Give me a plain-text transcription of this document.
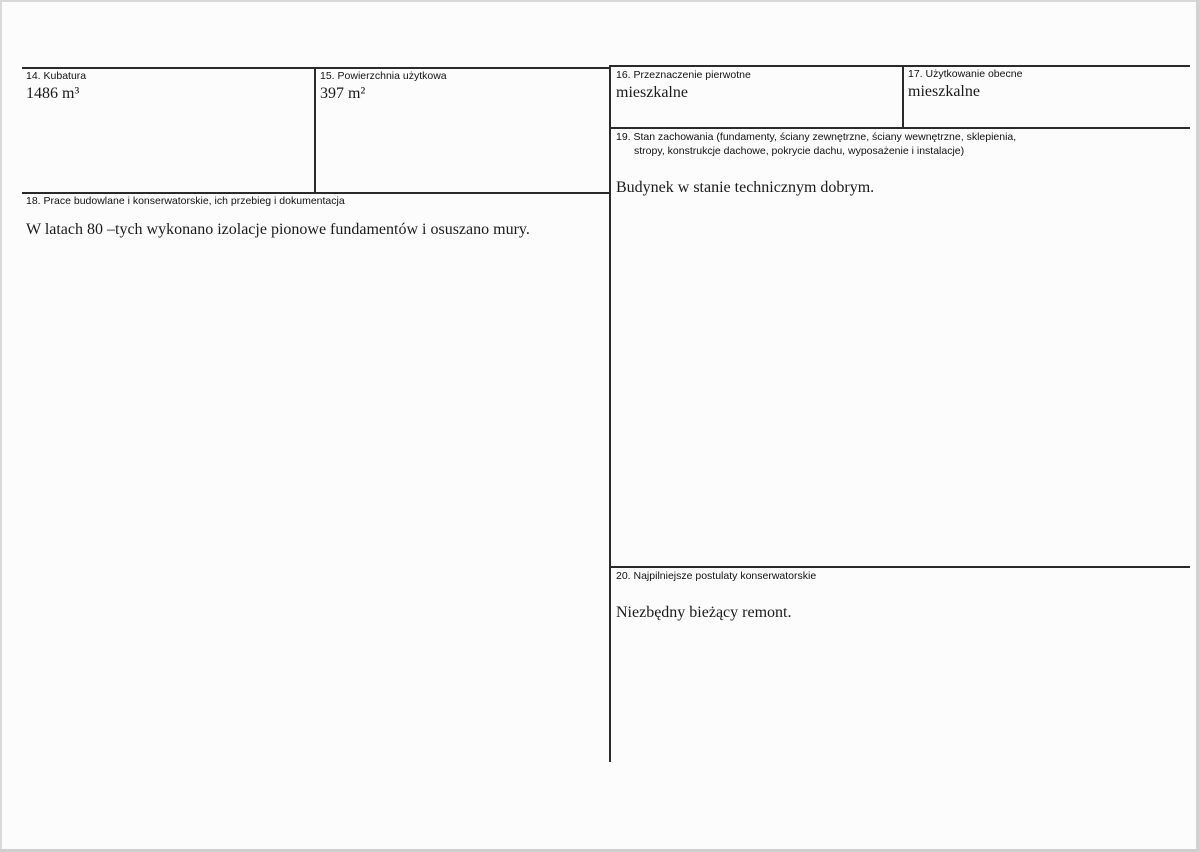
14. Kubatura
1486 m³
15. Powierzchnia użytkowa
397 m²
16. Przeznaczenie pierwotne
mieszkalne
17. Użytkowanie obecne
mieszkalne
18. Prace budowlane i konserwatorskie, ich przebieg i dokumentacja
W latach 80 –tych wykonano izolacje pionowe fundamentów i osuszano mury.
19. Stan zachowania (fundamenty, ściany zewnętrzne, ściany wewnętrzne, sklepienia,
stropy, konstrukcje dachowe, pokrycie dachu, wyposażenie i instalacje)
Budynek w stanie technicznym dobrym.
20. Najpilniejsze postulaty konserwatorskie
Niezbędny bieżący remont.
